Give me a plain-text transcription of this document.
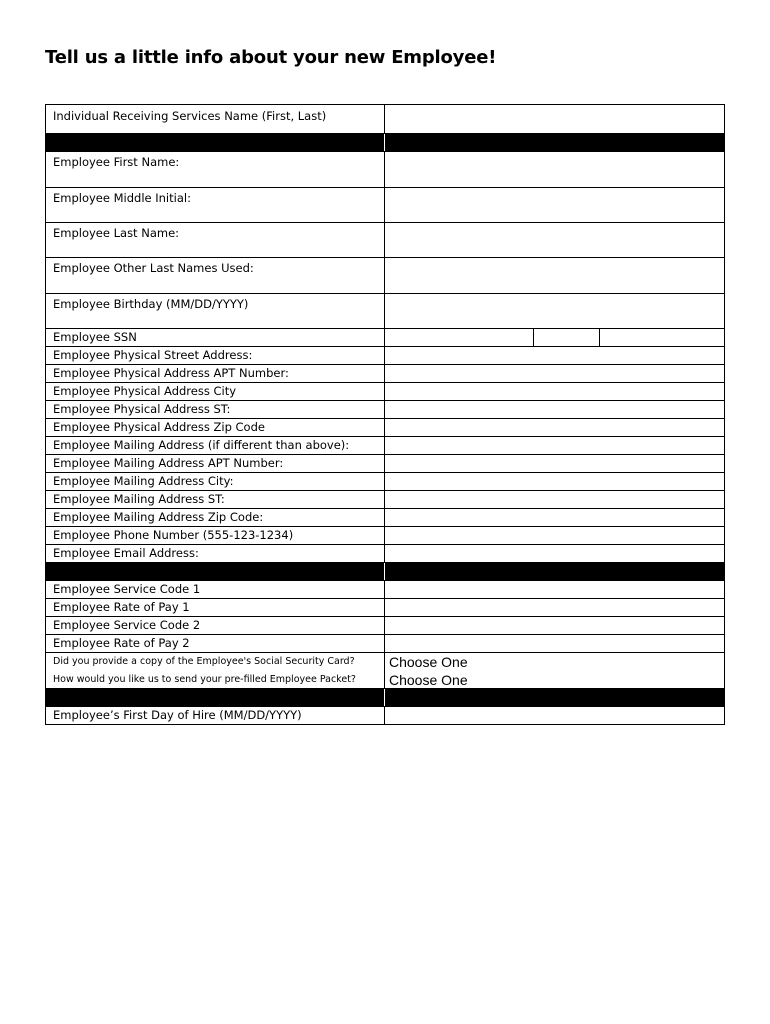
Tell us a little info about your new Employee!
Individual Receiving Services Name (First, Last)
Employee First Name:
Employee Middle Initial:
Employee Last Name:
Employee Other Last Names Used:
Employee Birthday (MM/DD/YYYY)
Employee SSN
Employee Physical Street Address:
Employee Physical Address APT Number:
Employee Physical Address City
Employee Physical Address ST:
Employee Physical Address Zip Code
Employee Mailing Address (if different than above):
Employee Mailing Address APT Number:
Employee Mailing Address City:
Employee Mailing Address ST:
Employee Mailing Address Zip Code:
Employee Phone Number (555-123-1234)
Employee Email Address:
Employee Service Code 1
Employee Rate of Pay 1
Employee Service Code 2
Employee Rate of Pay 2
Did you provide a copy of the Employee's Social Security Card?	Choose One
How would you like us to send your pre-filled Employee Packet?	Choose One
Employee’s First Day of Hire (MM/DD/YYYY)
